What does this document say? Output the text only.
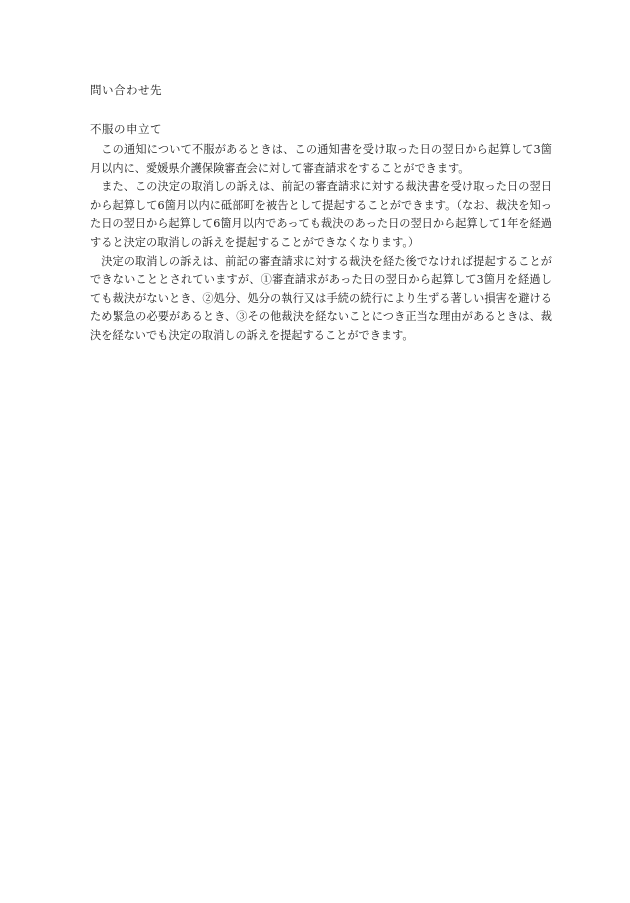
問い合わせ先
不服の申立て

この通知について不服があるときは、この通知書を受け取った日の翌日から起算して3箇月以内に、愛媛県介護保険審査会に対して審査請求をすることができます。

また、この決定の取消しの訴えは、前記の審査請求に対する裁決書を受け取った日の翌日から起算して6箇月以内に砥部町を被告として提起することができます。（なお、裁決を知った日の翌日から起算して6箇月以内であっても裁決のあった日の翌日から起算して1年を経過すると決定の取消しの訴えを提起することができなくなります。）

決定の取消しの訴えは、前記の審査請求に対する裁決を経た後でなければ提起することができないこととされていますが、①審査請求があった日の翌日から起算して3箇月を経過しても裁決がないとき、②処分、処分の執行又は手続の続行により生ずる著しい損害を避けるため緊急の必要があるとき、③その他裁決を経ないことにつき正当な理由があるときは、裁決を経ないでも決定の取消しの訴えを提起することができます。
